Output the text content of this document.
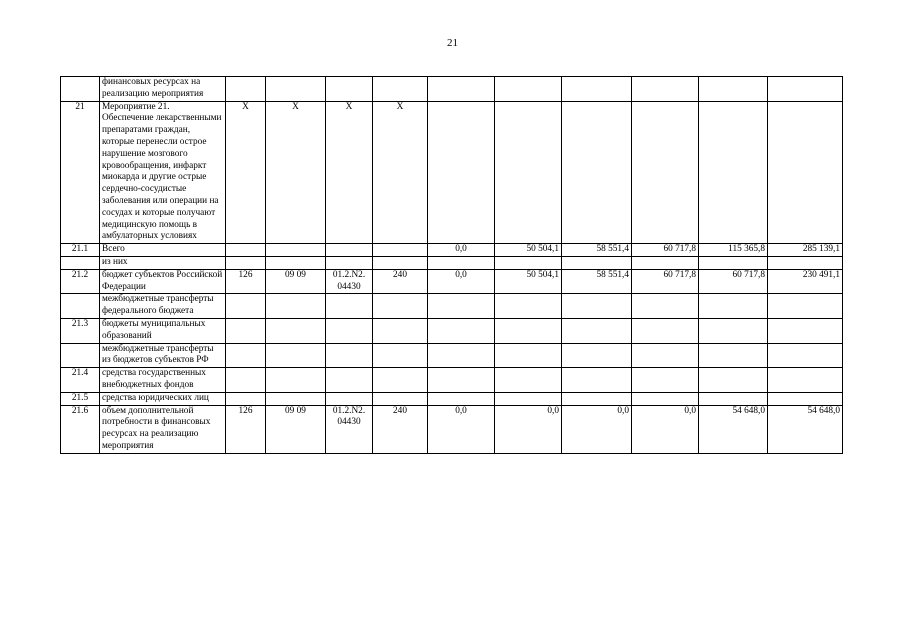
21
	финансовых ресурсах на реализацию мероприятия										
21	Мероприятие 21. Обеспечение лекарственными препаратами граждан, которые перенесли острое нарушение мозгового кровообращения, инфаркт миокарда и другие острые сердечно-сосудистые заболевания или операции на сосудах и которые получают медицинскую помощь в амбулаторных условиях	X	X	X	X						
21.1	Всего					0,0	50 504,1	58 551,4	60 717,8	115 365,8	285 139,1
	из них										
21.2	бюджет субъектов Российской Федерации	126	09 09	01.2.N2. 04430	240	0,0	50 504,1	58 551,4	60 717,8	60 717,8	230 491,1
	межбюджетные трансферты федерального бюджета										
21.3	бюджеты муниципальных образований										
	межбюджетные трансферты из бюджетов субъектов РФ										
21.4	средства государственных внебюджетных фондов										
21.5	средства юридических лиц										
21.6	объем дополнительной потребности в финансовых ресурсах на реализацию мероприятия	126	09 09	01.2.N2. 04430	240	0,0	0,0	0,0	0,0	54 648,0	54 648,0
